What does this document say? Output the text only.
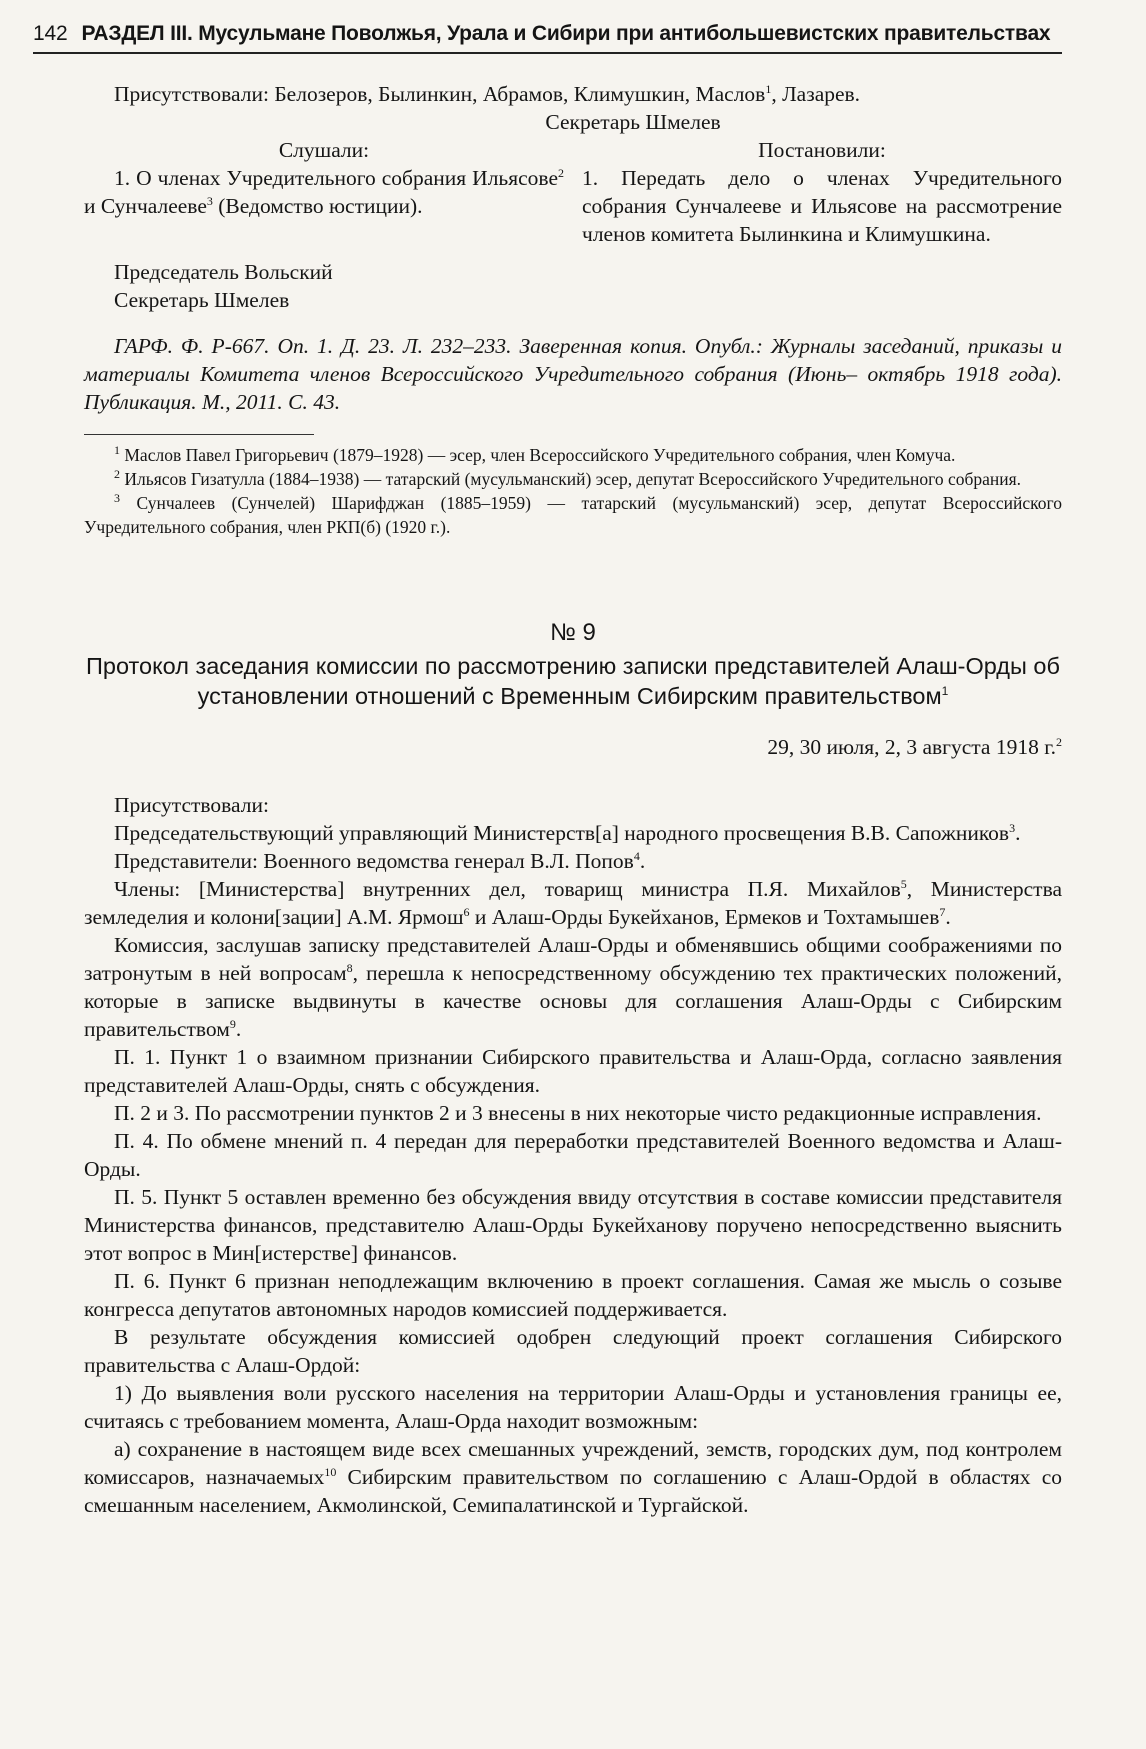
142 РАЗДЕЛ III. Мусульмане Поволжья, Урала и Сибири при антибольшевистских правительствах

Присутствовали: Белозеров, Былинкин, Абрамов, Климушкин, Маслов$^1$, Лазарев.

Секретарь Шмелев

Слушали:

1. О членах Учредительного собрания Ильясове$^2$ и Сунчалееве$^3$ (Ведомство юстиции).

Постановили:

1. Передать дело о членах Учредительного собрания Сунчалееве и Ильясове на рассмотрение членов комитета Былинкина и Климушкина.

Председатель Вольский

Секретарь Шмелев

ГАРФ. Ф. Р-667. Оп. 1. Д. 23. Л. 232–233. Заверенная копия. Опубл.: Журналы заседаний, приказы и материалы Комитета членов Всероссийского Учредительного собрания (Июнь– октябрь 1918 года). Публикация. М., 2011. С. 43.

$^1$ Маслов Павел Григорьевич (1879–1928) — эсер, член Всероссийского Учредительного собрания, член Комуча.

$^2$ Ильясов Гизатулла (1884–1938) — татарский (мусульманский) эсер, депутат Всероссийского Учредительного собрания.

$^3$ Сунчалеев (Сунчелей) Шарифджан (1885–1959) — татарский (мусульманский) эсер, депутат Всероссийского Учредительного собрания, член РКП(б) (1920 г.).

№ 9

Протокол заседания комиссии по рассмотрению записки представителей Алаш-Орды об установлении отношений с Временным Сибирским правительством$^1$

29, 30 июля, 2, 3 августа 1918 г.$^2$

Присутствовали:

Председательствующий управляющий Министерств[а] народного просвещения В.В. Сапожников$^3$.

Представители: Военного ведомства генерал В.Л. Попов$^4$.

Члены: [Министерства] внутренних дел, товарищ министра П.Я. Михайлов$^5$, Министерства земледелия и колони[зации] А.М. Ярмош$^6$ и Алаш-Орды Букейханов, Ермеков и Тохтамышев$^7$.

Комиссия, заслушав записку представителей Алаш-Орды и обменявшись общими соображениями по затронутым в ней вопросам$^8$, перешла к непосредственному обсуждению тех практических положений, которые в записке выдвинуты в качестве основы для соглашения Алаш-Орды с Сибирским правительством$^9$.

П. 1. Пункт 1 о взаимном признании Сибирского правительства и Алаш-Орда, согласно заявления представителей Алаш-Орды, снять с обсуждения.

П. 2 и 3. По рассмотрении пунктов 2 и 3 внесены в них некоторые чисто редакционные исправления.

П. 4. По обмене мнений п. 4 передан для переработки представителей Военного ведомства и Алаш-Орды.

П. 5. Пункт 5 оставлен временно без обсуждения ввиду отсутствия в составе комиссии представителя Министерства финансов, представителю Алаш-Орды Букейханову поручено непосредственно выяснить этот вопрос в Мин[истерстве] финансов.

П. 6. Пункт 6 признан неподлежащим включению в проект соглашения. Самая же мысль о созыве конгресса депутатов автономных народов комиссией поддерживается.

В результате обсуждения комиссией одобрен следующий проект соглашения Сибирского правительства с Алаш-Ордой:

1) До выявления воли русского населения на территории Алаш-Орды и установления границы ее, считаясь с требованием момента, Алаш-Орда находит возможным:

а) сохранение в настоящем виде всех смешанных учреждений, земств, городских дум, под контролем комиссаров, назначаемых$^{10}$ Сибирским правительством по соглашению с Алаш-Ордой в областях со смешанным населением, Акмолинской, Семипалатинской и Тургайской.
